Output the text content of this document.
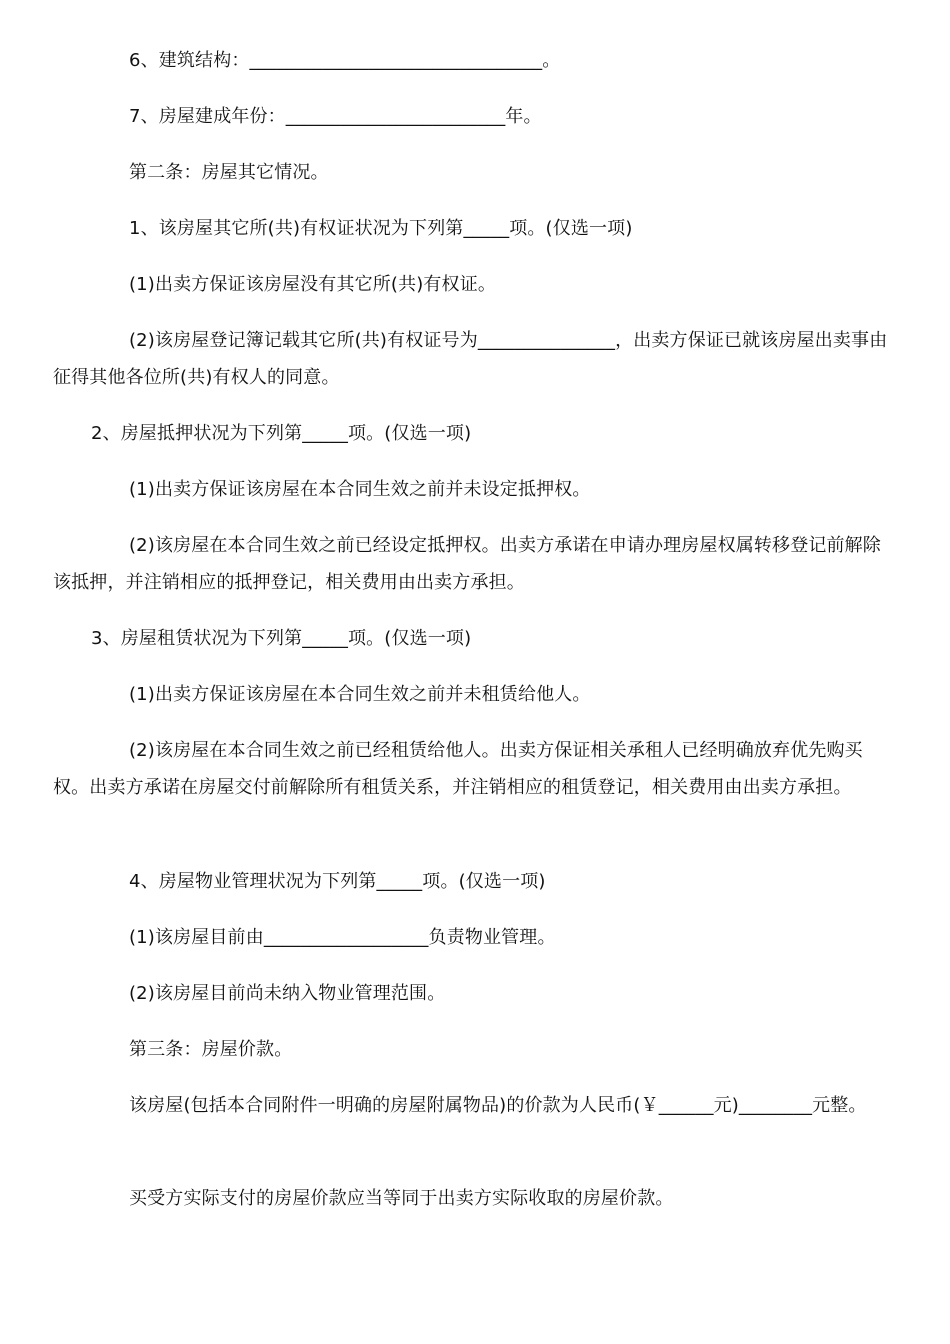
6、建筑结构：________________________________。

7、房屋建成年份：________________________年。

第二条：房屋其它情况。

1、该房屋其它所(共)有权证状况为下列第_____项。(仅选一项)

(1)出卖方保证该房屋没有其它所(共)有权证。

(2)该房屋登记簿记载其它所(共)有权证号为_______________，出卖方保证已就该房屋出卖事由征得其他各位所(共)有权人的同意。

2、房屋抵押状况为下列第_____项。(仅选一项)

(1)出卖方保证该房屋在本合同生效之前并未设定抵押权。

(2)该房屋在本合同生效之前已经设定抵押权。出卖方承诺在申请办理房屋权属转移登记前解除该抵押，并注销相应的抵押登记，相关费用由出卖方承担。

3、房屋租赁状况为下列第_____项。(仅选一项)

(1)出卖方保证该房屋在本合同生效之前并未租赁给他人。

(2)该房屋在本合同生效之前已经租赁给他人。出卖方保证相关承租人已经明确放弃优先购买权。出卖方承诺在房屋交付前解除所有租赁关系，并注销相应的租赁登记，相关费用由出卖方承担。

4、房屋物业管理状况为下列第_____项。(仅选一项)

(1)该房屋目前由__________________负责物业管理。

(2)该房屋目前尚未纳入物业管理范围。

第三条：房屋价款。

该房屋(包括本合同附件一明确的房屋附属物品)的价款为人民币(￥______元)________元整。

买受方实际支付的房屋价款应当等同于出卖方实际收取的房屋价款。
